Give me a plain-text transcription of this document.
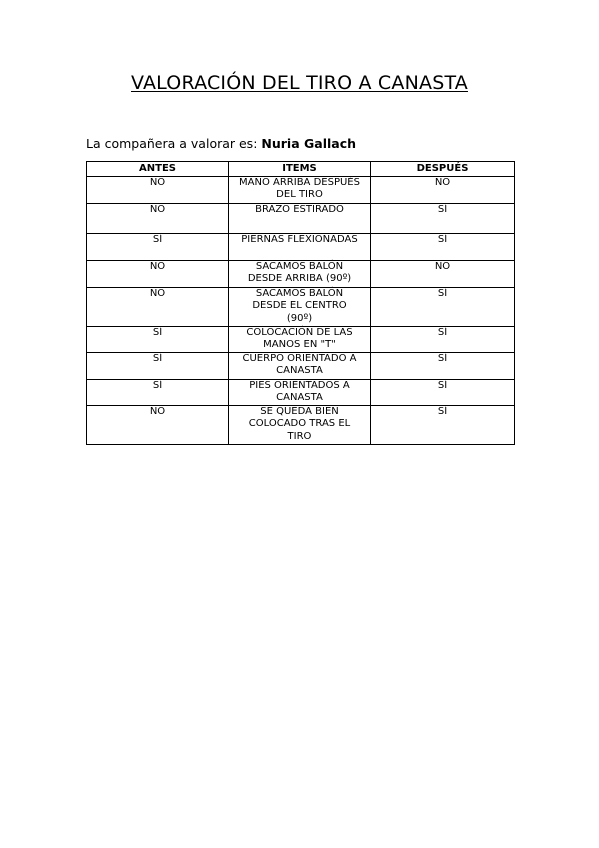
VALORACIÓN DEL TIRO A CANASTA
La compañera a valorar es: Nuria Gallach
ANTES	ITEMS	DESPUÉS
NO	MANO ARRIBA DESPUÉS DEL TIRO	NO
NO	BRAZO ESTIRADO	SÍ
SÍ	PIERNAS FLEXIONADAS	SÍ
NO	SACAMOS BALÓN DESDE ARRIBA (90º)	NO
NO	SACAMOS BALÓN DESDE EL CENTRO (90º)	SÍ
SÍ	COLOCACIÓN DE LAS MANOS EN "T"	SÍ
SÍ	CUERPO ORIENTADO A CANASTA	SÍ
SÍ	PIES ORIENTADOS A CANASTA	SÍ
NO	SE QUEDA BIEN COLOCADO TRAS EL TIRO	SÍ
